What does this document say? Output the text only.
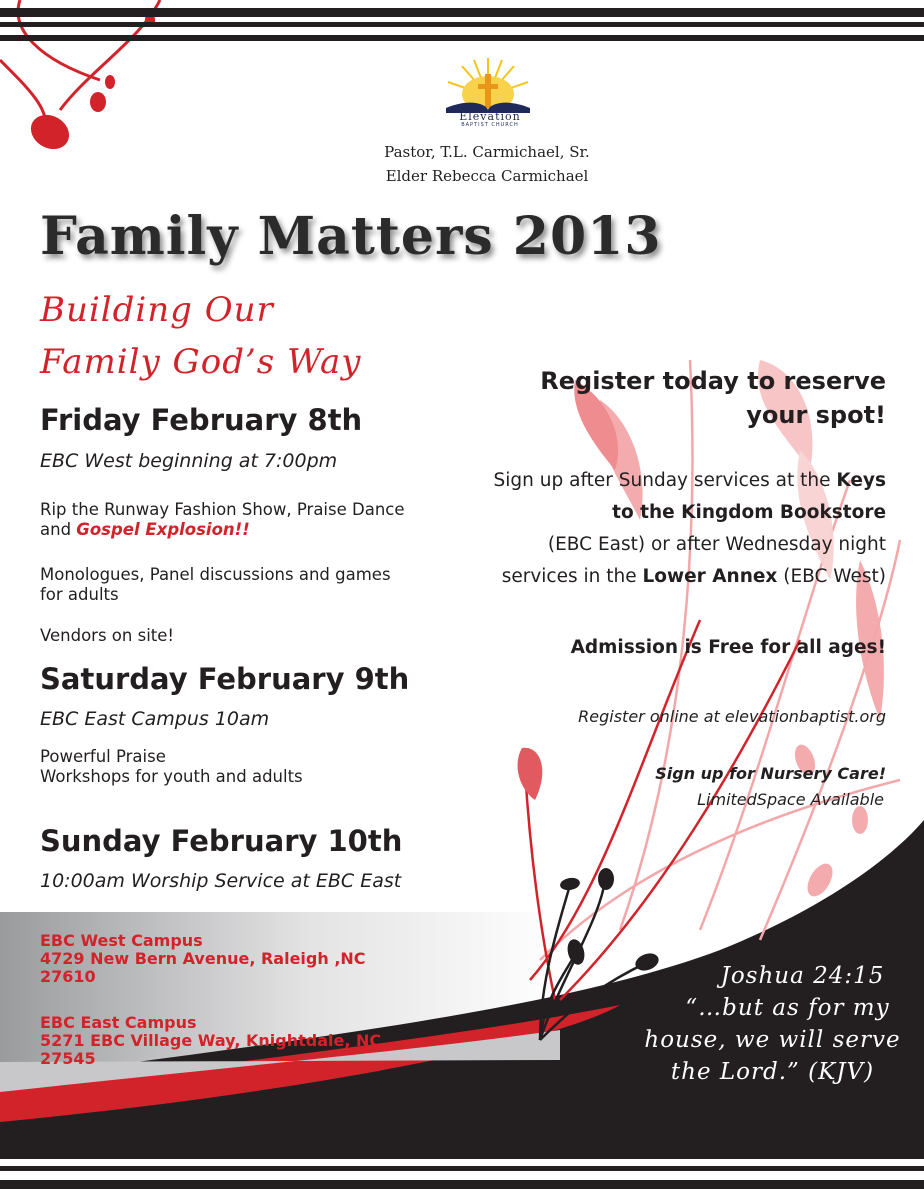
Elevation
BAPTIST CHURCH
Pastor, T.L. Carmichael, Sr.
Elder Rebecca Carmichael
Family Matters 2013
Building Our
Family God’s Way
Friday February 8th
EBC West beginning at 7:00pm
Rip the Runway Fashion Show, Praise Dance
and Gospel Explosion!!
Monologues, Panel discussions and games
for adults
Vendors on site!
Saturday February 9th
EBC East Campus 10am
Powerful Praise
Workshops for youth and adults
Sunday February 10th
10:00am Worship Service at EBC East
Register today to reserve
your spot!
Sign up after Sunday services at the Keys
to the Kingdom Bookstore
(EBC East) or after Wednesday night
services in the Lower Annex (EBC West)
Admission is Free for all ages!
Register online at elevationbaptist.org
Sign up for Nursery Care!
LimitedSpace Available
EBC West Campus
4729 New Bern Avenue, Raleigh ,NC
27610
EBC East Campus
5271 EBC Village Way, Knightdale, NC
27545
Joshua 24:15
“…but as for my
house, we will serve
the Lord.” (KJV)
